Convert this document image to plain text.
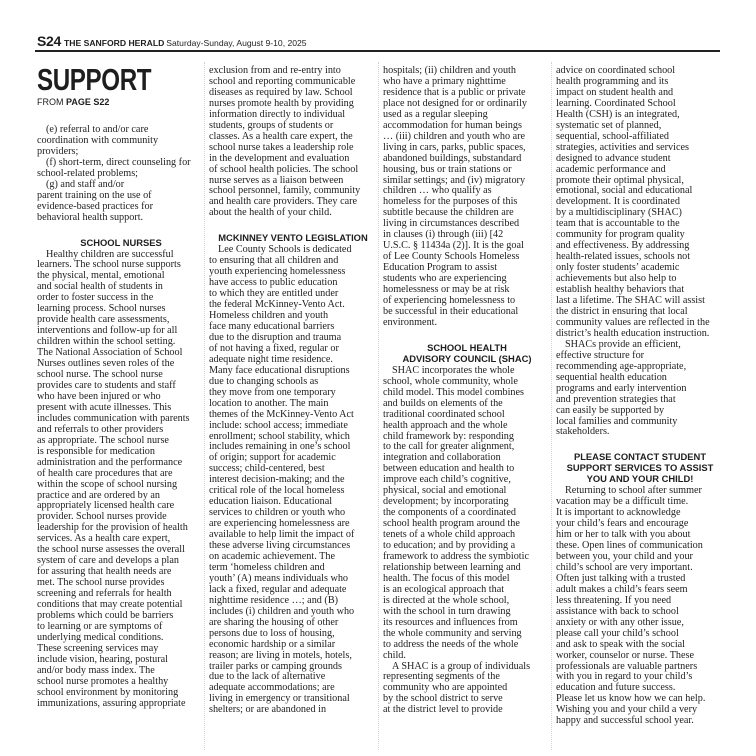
S24 THE SANFORD HERALD Saturday-Sunday, August 9-10, 2025
SUPPORT
FROM PAGE S22
(e) referral to and/or care
coordination with community
providers;
(f) short-term, direct counseling for
school-related problems;
(g) and staff and/or
parent training on the use of
evidence-based practices for
behavioral health support.
SCHOOL NURSES
Healthy children are successful
learners. The school nurse supports
the physical, mental, emotional
and social health of students in
order to foster success in the
learning process. School nurses
provide health care assessments,
interventions and follow-up for all
children within the school setting.
The National Association of School
Nurses outlines seven roles of the
school nurse. The school nurse
provides care to students and staff
who have been injured or who
present with acute illnesses. This
includes communication with parents
and referrals to other providers
as appropriate. The school nurse
is responsible for medication
administration and the performance
of health care procedures that are
within the scope of school nursing
practice and are ordered by an
appropriately licensed health care
provider. School nurses provide
leadership for the provision of health
services. As a health care expert,
the school nurse assesses the overall
system of care and develops a plan
for assuring that health needs are
met. The school nurse provides
screening and referrals for health
conditions that may create potential
problems which could be barriers
to learning or are symptoms of
underlying medical conditions.
These screening services may
include vision, hearing, postural
and/or body mass index. The
school nurse promotes a healthy
school environment by monitoring
immunizations, assuring appropriate
exclusion from and re-entry into
school and reporting communicable
diseases as required by law. School
nurses promote health by providing
information directly to individual
students, groups of students or
classes. As a health care expert, the
school nurse takes a leadership role
in the development and evaluation
of school health policies. The school
nurse serves as a liaison between
school personnel, family, community
and health care providers. They care
about the health of your child.
MCKINNEY VENTO LEGISLATION
Lee County Schools is dedicated
to ensuring that all children and
youth experiencing homelessness
have access to public education
to which they are entitled under
the federal McKinney-Vento Act.
Homeless children and youth
face many educational barriers
due to the disruption and trauma
of not having a fixed, regular or
adequate night time residence.
Many face educational disruptions
due to changing schools as
they move from one temporary
location to another. The main
themes of the McKinney-Vento Act
include: school access; immediate
enrollment; school stability, which
includes remaining in one’s school
of origin; support for academic
success; child-centered, best
interest decision-making; and the
critical role of the local homeless
education liaison. Educational
services to children or youth who
are experiencing homelessness are
available to help limit the impact of
these adverse living circumstances
on academic achievement. The
term ‘homeless children and
youth’ (A) means individuals who
lack a fixed, regular and adequate
nighttime residence …; and (B)
includes (i) children and youth who
are sharing the housing of other
persons due to loss of housing,
economic hardship or a similar
reason; are living in motels, hotels,
trailer parks or camping grounds
due to the lack of alternative
adequate accommodations; are
living in emergency or transitional
shelters; or are abandoned in
hospitals; (ii) children and youth
who have a primary nighttime
residence that is a public or private
place not designed for or ordinarily
used as a regular sleeping
accommodation for human beings
… (iii) children and youth who are
living in cars, parks, public spaces,
abandoned buildings, substandard
housing, bus or train stations or
similar settings; and (iv) migratory
children … who qualify as
homeless for the purposes of this
subtitle because the children are
living in circumstances described
in clauses (i) through (iii) [42
U.S.C. § 11434a (2)]. It is the goal
of Lee County Schools Homeless
Education Program to assist
students who are experiencing
homelessness or may be at risk
of experiencing homelessness to
be successful in their educational
environment.
SCHOOL HEALTH
ADVISORY COUNCIL (SHAC)
SHAC incorporates the whole
school, whole community, whole
child model. This model combines
and builds on elements of the
traditional coordinated school
health approach and the whole
child framework by: responding
to the call for greater alignment,
integration and collaboration
between education and health to
improve each child’s cognitive,
physical, social and emotional
development; by incorporating
the components of a coordinated
school health program around the
tenets of a whole child approach
to education; and by providing a
framework to address the symbiotic
relationship between learning and
health. The focus of this model
is an ecological approach that
is directed at the whole school,
with the school in turn drawing
its resources and influences from
the whole community and serving
to address the needs of the whole
child.
A SHAC is a group of individuals
representing segments of the
community who are appointed
by the school district to serve
at the district level to provide
advice on coordinated school
health programming and its
impact on student health and
learning. Coordinated School
Health (CSH) is an integrated,
systematic set of planned,
sequential, school-affiliated
strategies, activities and services
designed to advance student
academic performance and
promote their optimal physical,
emotional, social and educational
development. It is coordinated
by a multidisciplinary (SHAC)
team that is accountable to the
community for program quality
and effectiveness. By addressing
health-related issues, schools not
only foster students’ academic
achievements but also help to
establish healthy behaviors that
last a lifetime. The SHAC will assist
the district in ensuring that local
community values are reflected in the
district’s health education instruction.
SHACs provide an efficient,
effective structure for
recommending age-appropriate,
sequential health education
programs and early intervention
and prevention strategies that
can easily be supported by
local families and community
stakeholders.
PLEASE CONTACT STUDENT
SUPPORT SERVICES TO ASSIST
YOU AND YOUR CHILD!
Returning to school after summer
vacation may be a difficult time.
It is important to acknowledge
your child’s fears and encourage
him or her to talk with you about
these. Open lines of communication
between you, your child and your
child’s school are very important.
Often just talking with a trusted
adult makes a child’s fears seem
less threatening. If you need
assistance with back to school
anxiety or with any other issue,
please call your child’s school
and ask to speak with the social
worker, counselor or nurse. These
professionals are valuable partners
with you in regard to your child’s
education and future success.
Please let us know how we can help.
Wishing you and your child a very
happy and successful school year.
